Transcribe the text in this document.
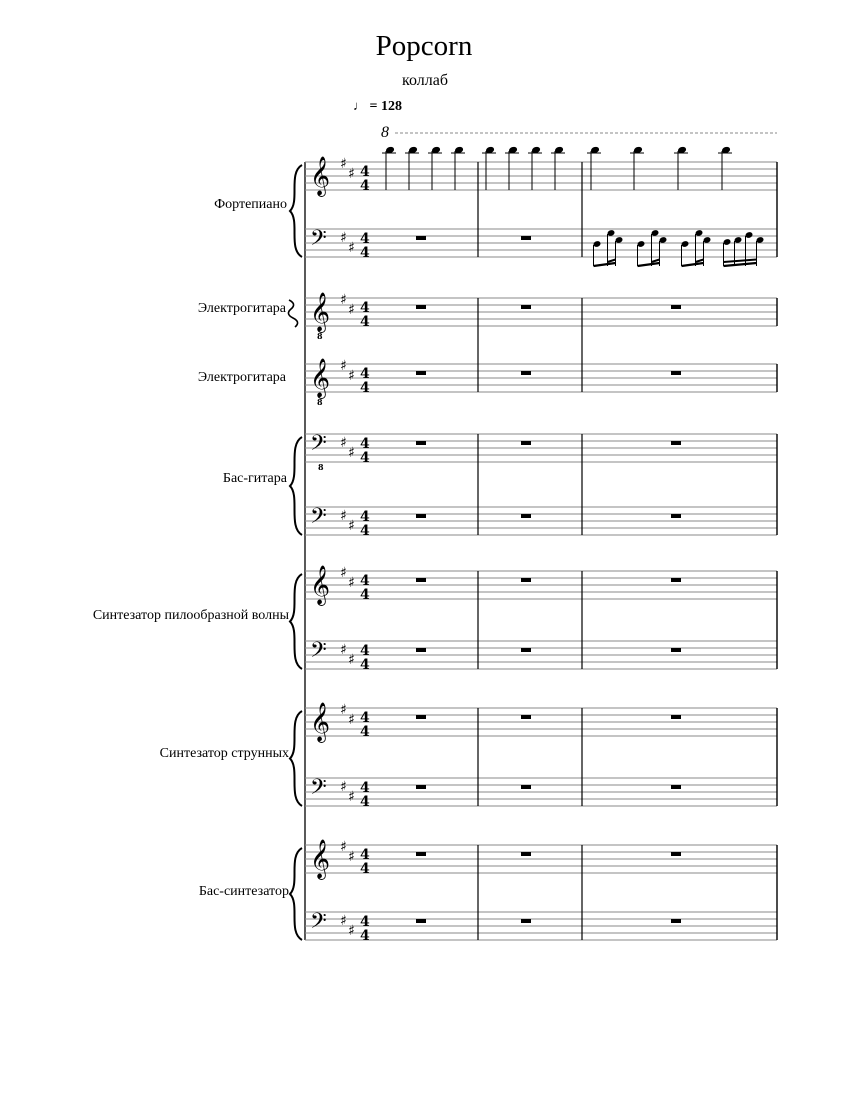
Popcorn
коллаб
♩ = 128
8
Фортепиано
Электрогитара
Электрогитара
Бас-гитара
Синтезатор пилообразной волны
Синтезатор струнных
Бас-синтезатор
𝄞 ♯
♯ 4
4
𝄢 ♯
♯
4
4
𝄞
8
♯
♯ 4
4
𝄞
8
♯
♯ 4
4
𝄢
8
♯
♯
4
4
𝄢 ♯
♯
4
4
𝄞 ♯
♯ 4
4
𝄢 ♯
♯
4
4
𝄞 ♯
♯ 4
4
𝄢 ♯
♯
4
4
𝄞 ♯
♯ 4
4
𝄢 ♯
♯
4
4
